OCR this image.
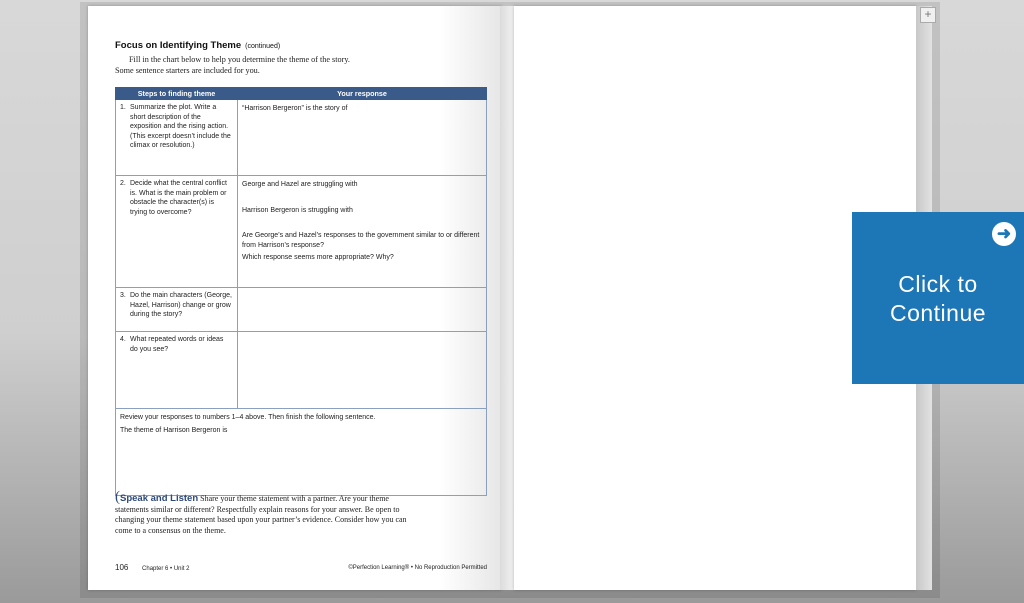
+
Focus on Identifying Theme (continued)
Fill in the chart below to help you determine the theme of the story.
Some sentence starters are included for you.
Steps to finding theme	Your response

1. Summarize the plot. Write a short description of the exposition and the rising action. (This excerpt doesn’t include the climax or resolution.)	“Harrison Bergeron” is the story of

2. Decide what the central conflict is. What is the main problem or obstacle the character(s) is trying to overcome?	George and Hazel are struggling with
Harrison Bergeron is struggling with
Are George’s and Hazel’s responses to the government similar to or different from Harrison’s response?
Which response seems more appropriate? Why?

3. Do the main characters (George, Hazel, Harrison) change or grow during the story?	

4. What repeated words or ideas do you see?	

Review your responses to numbers 1–4 above. Then finish the following sentence.
The theme of Harrison Bergeron is	
(Speak and Listen Share your theme statement with a partner. Are your theme statements similar or different? Respectfully explain reasons for your answer. Be open to changing your theme statement based upon your partner’s evidence. Consider how you can come to a consensus on the theme.
106 Chapter 6 • Unit 2	©Perfection Learning® • No Reproduction Permitted
➜
Click to Continue
